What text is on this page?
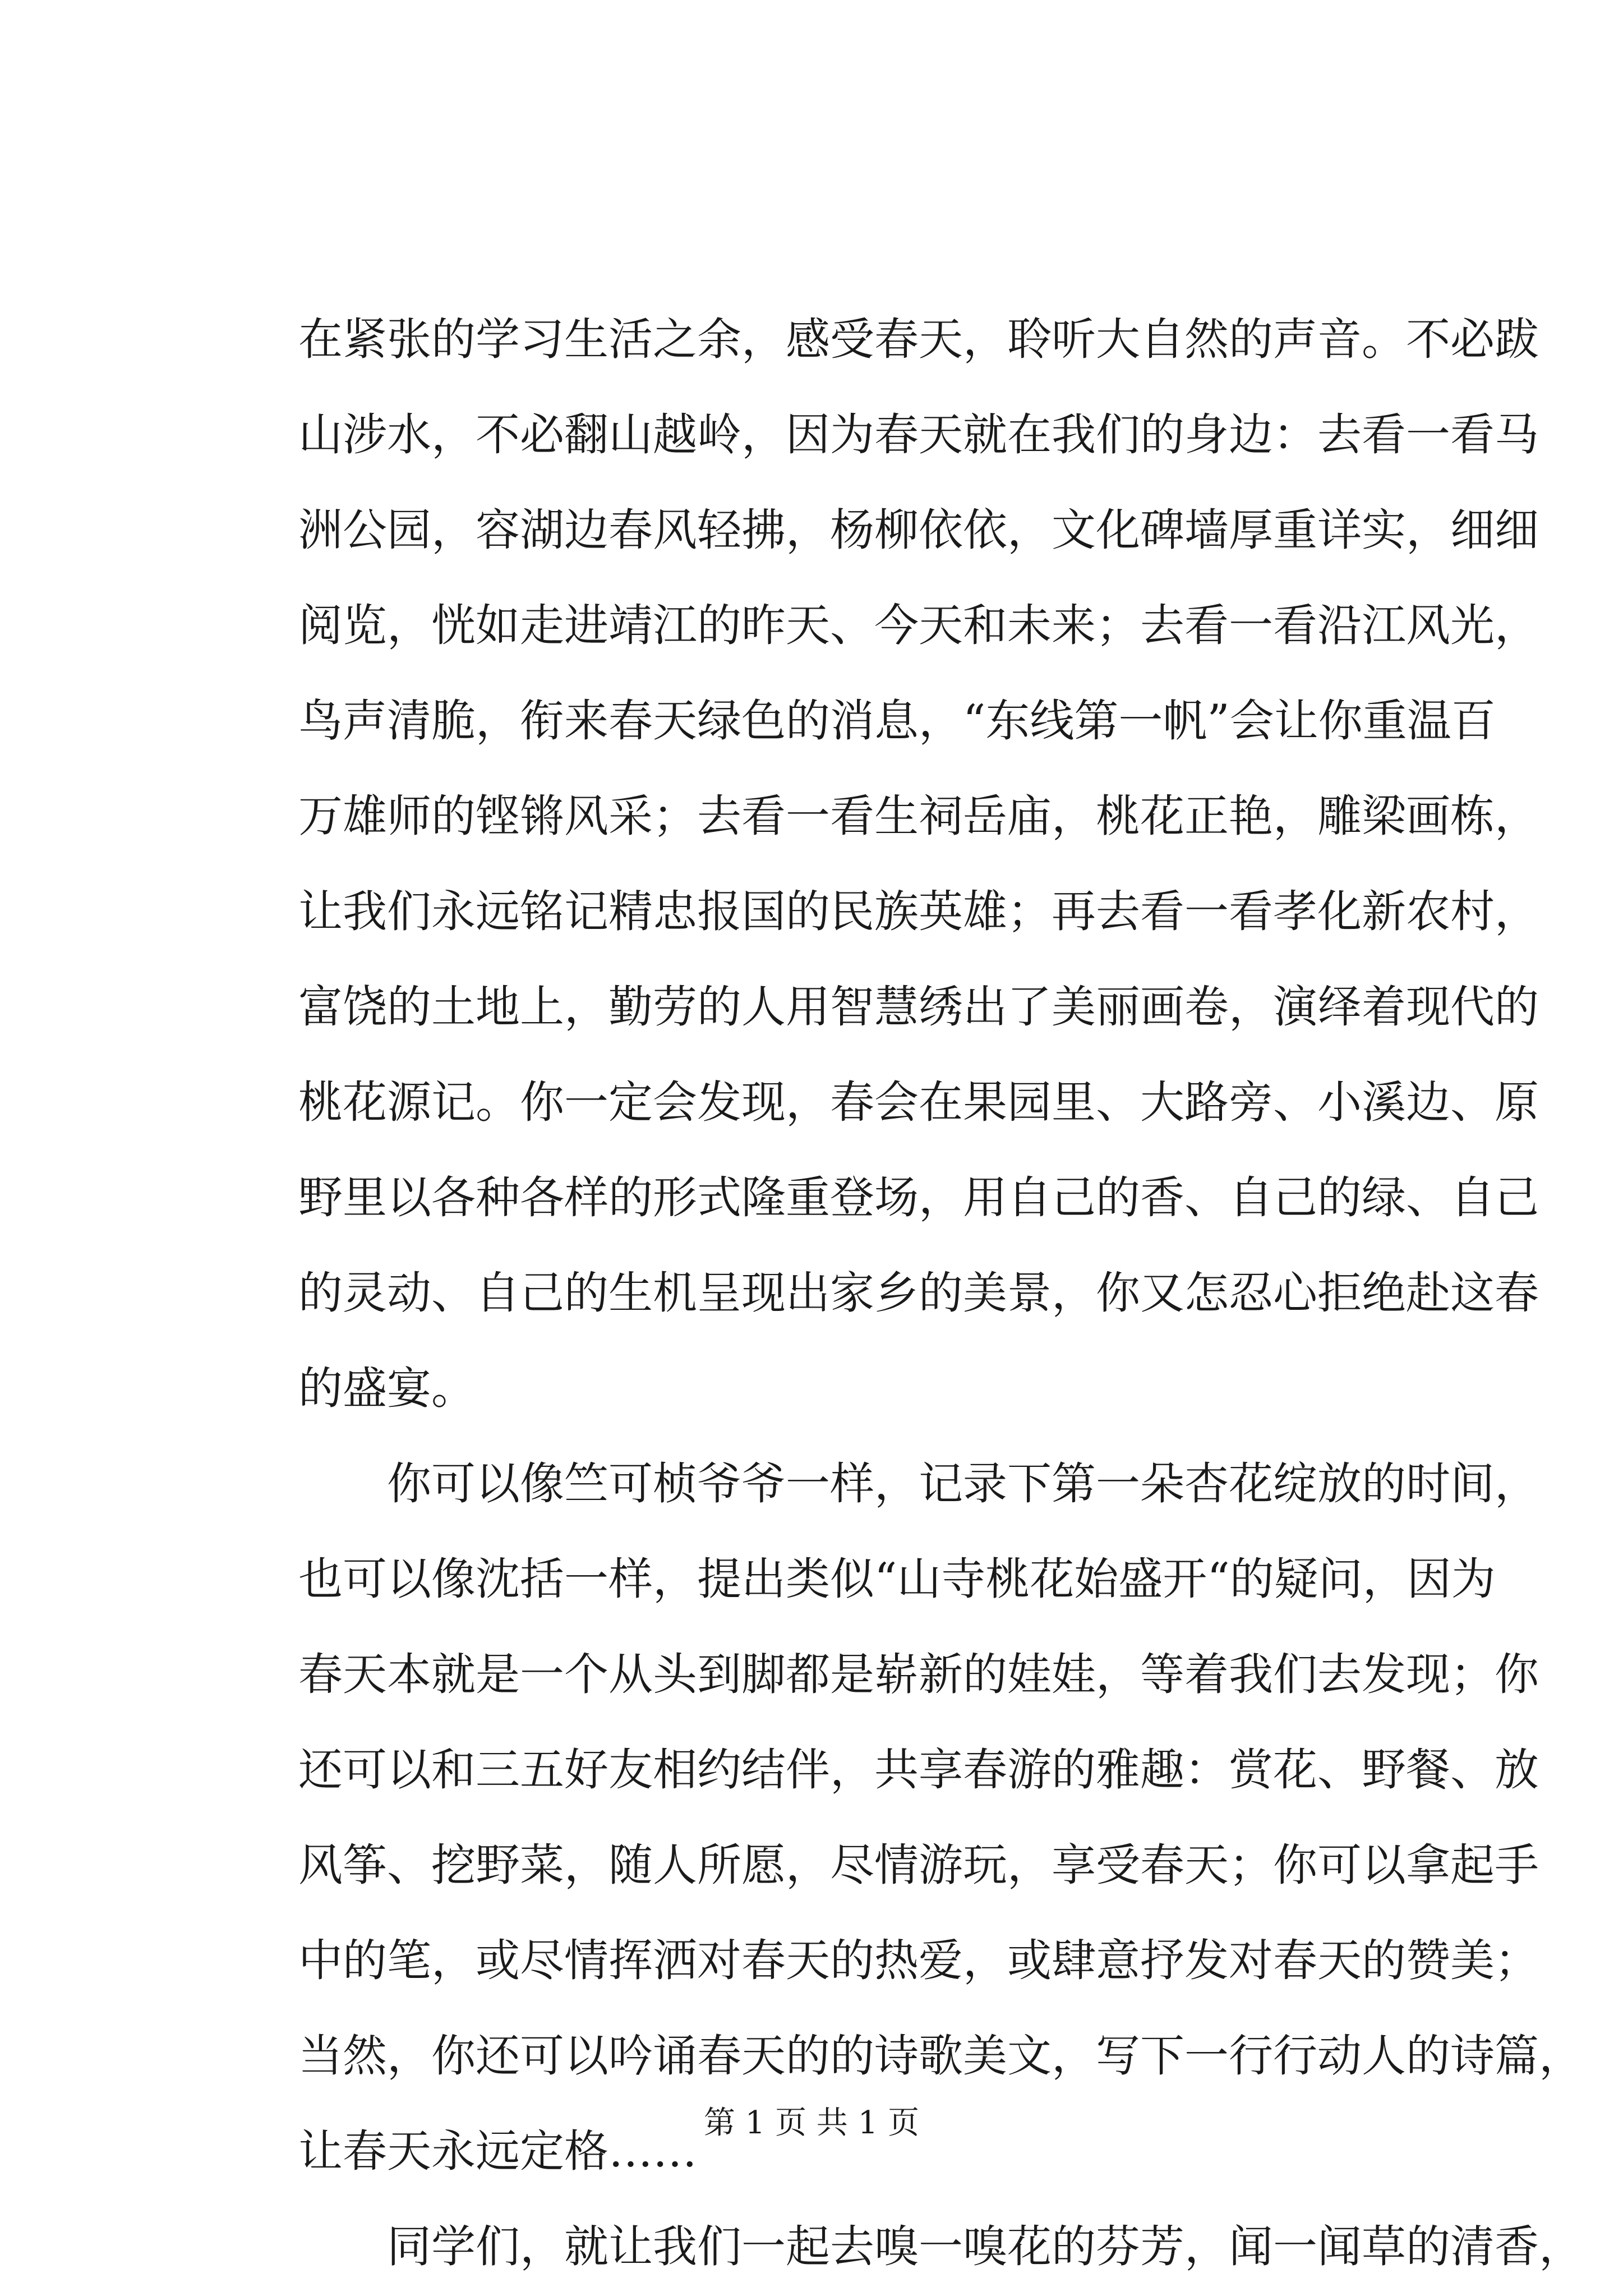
在紧张的学习生活之余，感受春天，聆听大自然的声音。不必跋
山涉水，不必翻山越岭，因为春天就在我们的身边：去看一看马
洲公园，容湖边春风轻拂，杨柳依依，文化碑墙厚重详实，细细
阅览，恍如走进靖江的昨天、今天和未来；去看一看沿江风光，
鸟声清脆，衔来春天绿色的消息，“东线第一帆”会让你重温百
万雄师的铿锵风采；去看一看生祠岳庙，桃花正艳，雕梁画栋，
让我们永远铭记精忠报国的民族英雄；再去看一看孝化新农村，
富饶的土地上，勤劳的人用智慧绣出了美丽画卷，演绎着现代的
桃花源记。你一定会发现，春会在果园里、大路旁、小溪边、原
野里以各种各样的形式隆重登场，用自己的香、自己的绿、自己
的灵动、自己的生机呈现出家乡的美景，你又怎忍心拒绝赴这春
的盛宴。
你可以像竺可桢爷爷一样，记录下第一朵杏花绽放的时间，
也可以像沈括一样，提出类似“山寺桃花始盛开“的疑问，因为
春天本就是一个从头到脚都是崭新的娃娃，等着我们去发现；你
还可以和三五好友相约结伴，共享春游的雅趣：赏花、野餐、放
风筝、挖野菜，随人所愿，尽情游玩，享受春天；你可以拿起手
中的笔，或尽情挥洒对春天的热爱，或肆意抒发对春天的赞美；
当然，你还可以吟诵春天的的诗歌美文，写下一行行动人的诗篇，
让春天永远定格……
同学们，就让我们一起去嗅一嗅花的芬芳，闻一闻草的清香，
第 1 页 共 1 页
